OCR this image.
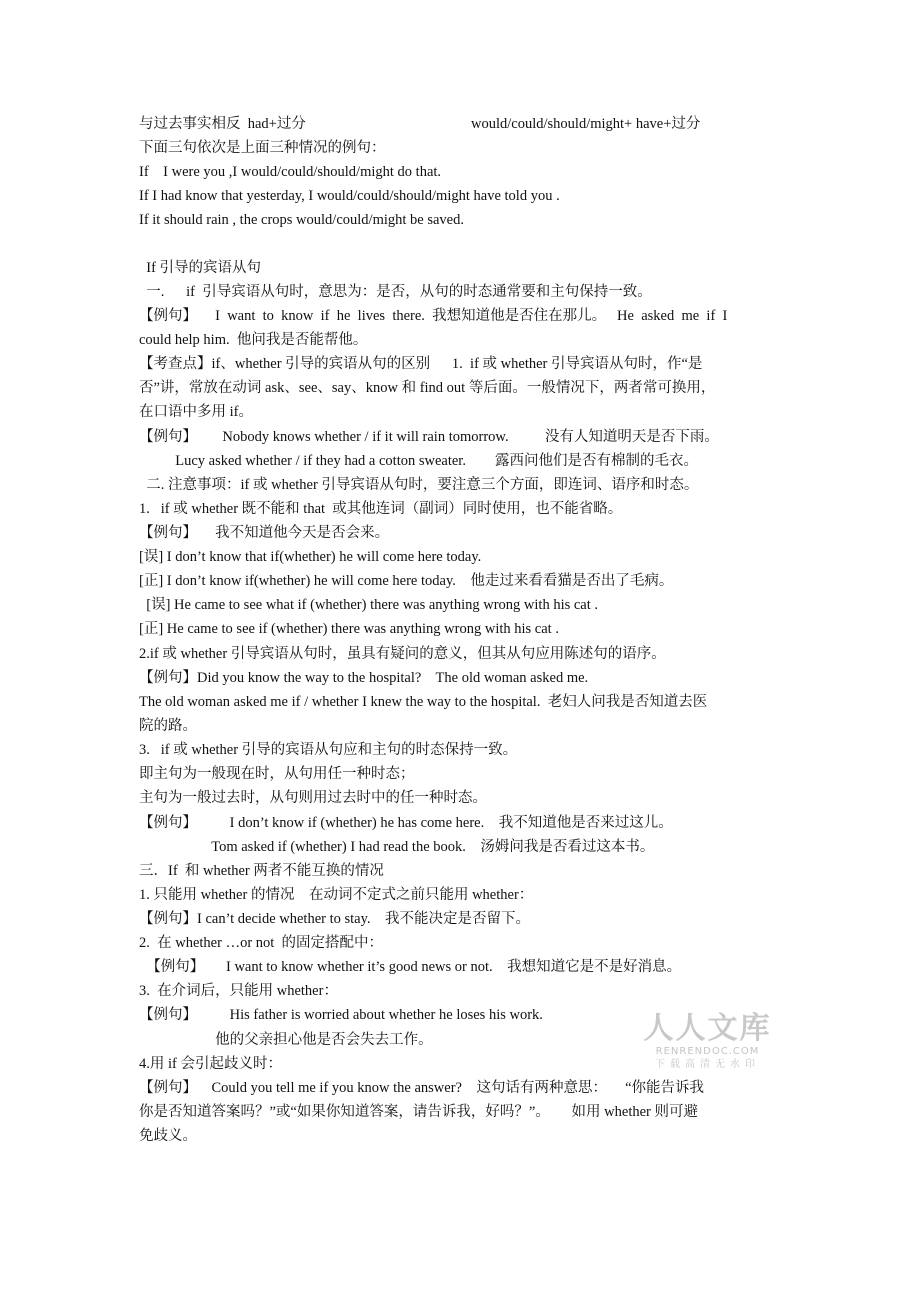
与过去事实相反  had+过分	would/could/should/might+ have+过分

下面三句依次是上面三种情况的例句：

If    I were you ,I would/could/should/might do that.

If I had know that yesterday, I would/could/should/might have told you .

If it should rain , the crops would/could/might be saved.

If 引导的宾语从句

一.      if  引导宾语从句时，意思为：是否，从句的时态通常要和主句保持一致。

【例句】     I  want  to  know  if  he  lives  there.  我想知道他是否住在那儿。   He  asked  me  if  I

could help him.  他问我是否能帮他。

【考查点】if、whether 引导的宾语从句的区别      1.  if 或 whether 引导宾语从句时，作“是

否”讲，常放在动词 ask、see、say、know 和 find out 等后面。一般情况下，两者常可换用，

在口语中多用 if。

【例句】       Nobody knows whether / if it will rain tomorrow.          没有人知道明天是否下雨。

Lucy asked whether / if they had a cotton sweater.        露西问他们是否有棉制的毛衣。

二. 注意事项：if 或 whether 引导宾语从句时，要注意三个方面，即连词、语序和时态。

1.   if 或 whether 既不能和 that  或其他连词（副词）同时使用，也不能省略。

【例句】     我不知道他今天是否会来。

[误] I don’t know that if(whether) he will come here today.

[正] I don’t know if(whether) he will come here today.    他走过来看看猫是否出了毛病。

[误] He came to see what if (whether) there was anything wrong with his cat .

[正] He came to see if (whether) there was anything wrong with his cat .

2.if 或 whether 引导宾语从句时，虽具有疑问的意义，但其从句应用陈述句的语序。

【例句】Did you know the way to the hospital?    The old woman asked me.

The old woman asked me if / whether I knew the way to the hospital.  老妇人问我是否知道去医

院的路。

3.   if 或 whether 引导的宾语从句应和主句的时态保持一致。

即主句为一般现在时，从句用任一种时态；

主句为一般过去时，从句则用过去时中的任一种时态。

【例句】         I don’t know if (whether) he has come here.    我不知道他是否来过这儿。

Tom asked if (whether) I had read the book.    汤姆问我是否看过这本书。

三．If  和 whether 两者不能互换的情况

1. 只能用 whether 的情况    在动词不定式之前只能用 whether：

【例句】I can’t decide whether to stay.    我不能决定是否留下。

2.  在 whether …or not  的固定搭配中：

【例句】      I want to know whether it’s good news or not.    我想知道它是不是好消息。

3.  在介词后，只能用 whether：

【例句】         His father is worried about whether he loses his work.

他的父亲担心他是否会失去工作。

4.用 if 会引起歧义时：

【例句】    Could you tell me if you know the answer?    这句话有两种意思：     “你能告诉我

你是否知道答案吗？”或“如果你知道答案，请告诉我，好吗？”。      如用 whether 则可避

免歧义。

人人文库
RENRENDOC.COM
下载高清无水印
